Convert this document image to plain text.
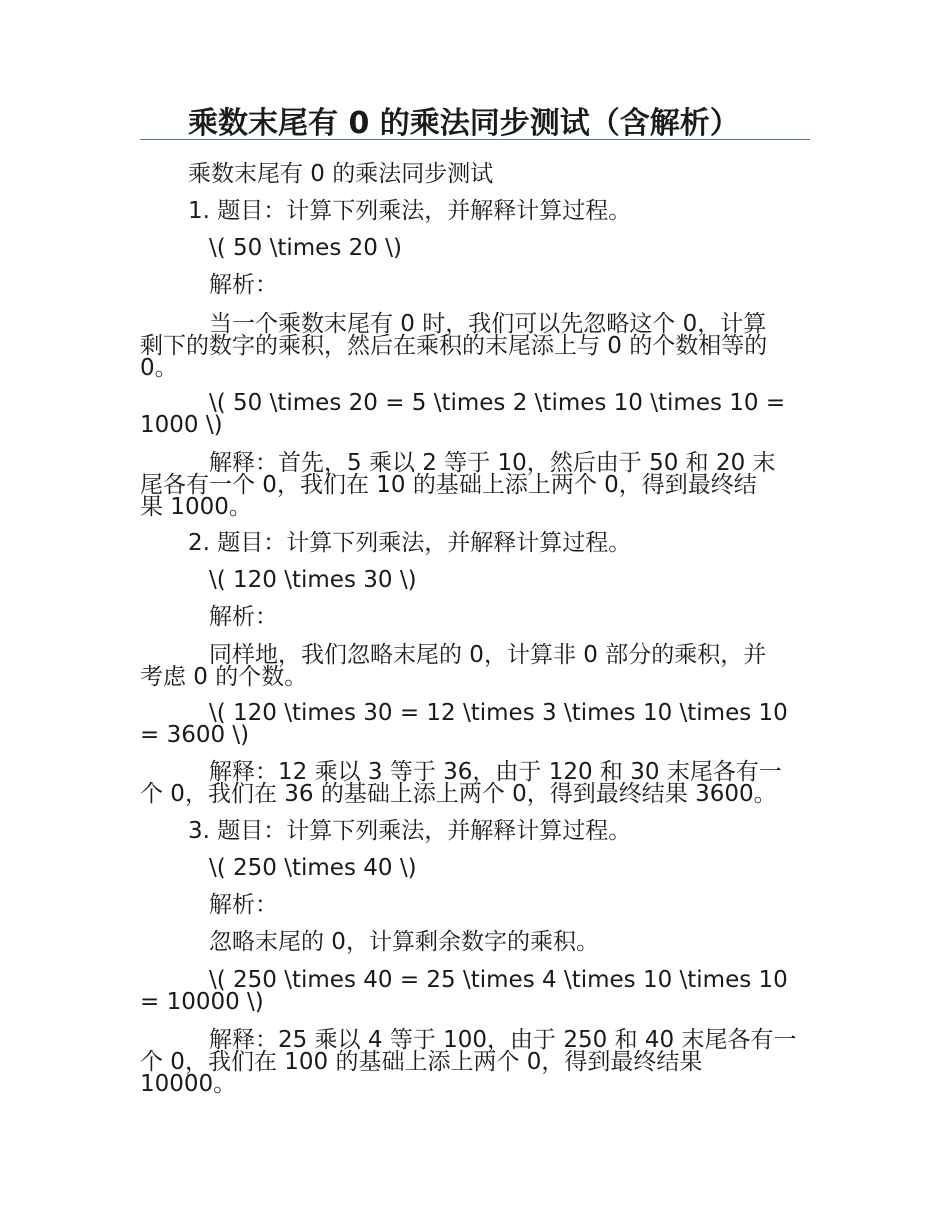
乘数末尾有 0 的乘法同步测试（含解析）
乘数末尾有 0 的乘法同步测试
1. 题目：计算下列乘法，并解释计算过程。
\( 50 \times 20 \)
解析：
当一个乘数末尾有 0 时，我们可以先忽略这个 0，计算
剩下的数字的乘积，然后在乘积的末尾添上与 0 的个数相等的
0。
\( 50 \times 20 = 5 \times 2 \times 10 \times 10 =
1000 \)
解释：首先，5 乘以 2 等于 10，然后由于 50 和 20 末
尾各有一个 0，我们在 10 的基础上添上两个 0，得到最终结
果 1000。
2. 题目：计算下列乘法，并解释计算过程。
\( 120 \times 30 \)
解析：
同样地，我们忽略末尾的 0，计算非 0 部分的乘积，并
考虑 0 的个数。
\( 120 \times 30 = 12 \times 3 \times 10 \times 10
= 3600 \)
解释：12 乘以 3 等于 36，由于 120 和 30 末尾各有一
个 0，我们在 36 的基础上添上两个 0，得到最终结果 3600。
3. 题目：计算下列乘法，并解释计算过程。
\( 250 \times 40 \)
解析：
忽略末尾的 0，计算剩余数字的乘积。
\( 250 \times 40 = 25 \times 4 \times 10 \times 10
= 10000 \)
解释：25 乘以 4 等于 100，由于 250 和 40 末尾各有一
个 0，我们在 100 的基础上添上两个 0，得到最终结果
10000。
